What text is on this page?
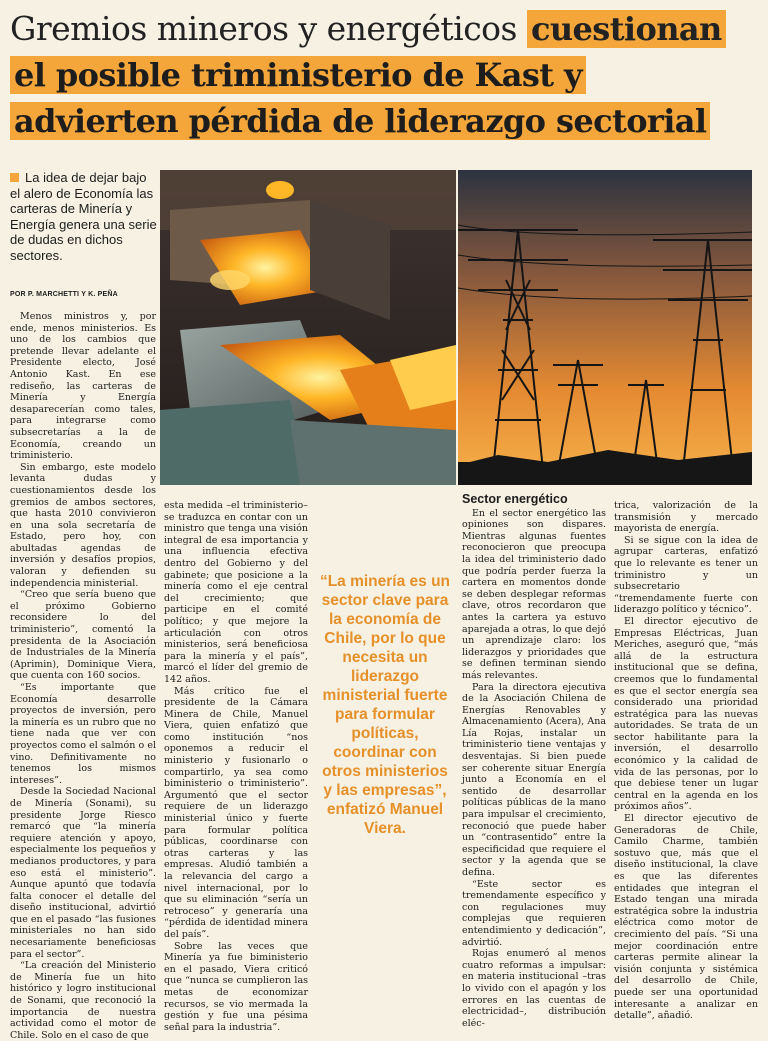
Gremios mineros y energéticos cuestionan
el posible triministerio de Kast y
advierten pérdida de liderazgo sectorial
La idea de dejar bajo el alero de Economía las carteras de Minería y Energía genera una serie de dudas en dichos sectores.
POR P. MARCHETTI Y K. PEÑA

Menos ministros y, por ende, menos ministerios. Es uno de los cambios que pretende llevar adelante el Presidente electo, José Antonio Kast. En ese rediseño, las carteras de Minería y Energía desaparecerían como tales, para integrarse como subsecretarías a la de Economía, creando un triministerio.

Sin embargo, este modelo levanta dudas y cuestionamientos desde los gremios de ambos sectores, que hasta 2010 convivieron en una sola secretaría de Estado, pero hoy, con abultadas agendas de inversión y desafíos propios, valoran y defienden su independencia ministerial.

“Creo que sería bueno que el próximo Gobierno reconsidere lo del triministerio”, comentó la presidenta de la Asociación de Industriales de la Minería (Aprimin), Dominique Viera, que cuenta con 160 socios.

“Es importante que Economía desarrolle proyectos de inversión, pero la minería es un rubro que no tiene nada que ver con proyectos como el salmón o el vino. Definitivamente no tenemos los mismos intereses”.

Desde la Sociedad Nacional de Minería (Sonami), su presidente Jorge Riesco remarcó que “la minería requiere atención y apoyo, especialmente los pequeños y medianos productores, y para eso está el ministerio”. Aunque apuntó que todavía falta conocer el detalle del diseño institucional, advirtió que en el pasado “las fusiones ministeriales no han sido necesariamente beneficiosas para el sector”.

“La creación del Ministerio de Minería fue un hito histórico y logro institucional de Sonami, que reconoció la importancia de nuestra actividad como el motor de Chile. Solo en el caso de que

esta medida –el triministerio– se traduzca en contar con un ministro que tenga una visión integral de esa importancia y una influencia efectiva dentro del Gobierno y del gabinete; que posicione a la minería como el eje central del crecimiento; que participe en el comité político; y que mejore la articulación con otros ministerios, será beneficiosa para la minería y el país”, marcó el líder del gremio de 142 años.

Más crítico fue el presidente de la Cámara Minera de Chile, Manuel Viera, quien enfatizó que como institución “nos oponemos a reducir el ministerio y fusionarlo o compartirlo, ya sea como biministerio o triministerio”. Argumentó que el sector requiere de un liderazgo ministerial único y fuerte para formular política públicas, coordinarse con otras carteras y las empresas. Aludió también a la relevancia del cargo a nivel internacional, por lo que su eliminación “sería un retroceso” y generaría una “pérdida de identidad minera del país”.

Sobre las veces que Minería ya fue biministerio en el pasado, Viera criticó que “nunca se cumplieron las metas de economizar recursos, se vio mermada la gestión y fue una pésima señal para la industria”.

“La minería es un sector clave para la economía de Chile, por lo que necesita un liderazgo ministerial fuerte para formular políticas, coordinar con otros ministerios y las empresas”, enfatizó Manuel Viera.
Sector energético

En el sector energético las opiniones son dispares. Mientras algunas fuentes reconocieron que preocupa la idea del triministerio dado que podría perder fuerza la cartera en momentos donde se deben desplegar reformas clave, otros recordaron que antes la cartera ya estuvo aparejada a otras, lo que dejó un aprendizaje claro: los liderazgos y prioridades que se definen terminan siendo más relevantes.

Para la directora ejecutiva de la Asociación Chilena de Energías Renovables y Almacenamiento (Acera), Ana Lía Rojas, instalar un triministerio tiene ventajas y desventajas. Si bien puede ser coherente situar Energía junto a Economía en el sentido de desarrollar políticas públicas de la mano para impulsar el crecimiento, reconoció que puede haber un “contrasentido” entre la especificidad que requiere el sector y la agenda que se defina.

“Este sector es tremendamente específico y con regulaciones muy complejas que requieren entendimiento y dedicación”, advirtió.

Rojas enumeró al menos cuatro reformas a impulsar: en materia institucional –tras lo vivido con el apagón y los errores en las cuentas de electricidad–, distribución eléc-

trica, valorización de la transmisión y mercado mayorista de energía.

Si se sigue con la idea de agrupar carteras, enfatizó que lo relevante es tener un triministro y un subsecretario “tremendamente fuerte con liderazgo político y técnico”.

El director ejecutivo de Empresas Eléctricas, Juan Meriches, aseguró que, “más allá de la estructura institucional que se defina, creemos que lo fundamental es que el sector energía sea considerado una prioridad estratégica para las nuevas autoridades. Se trata de un sector habilitante para la inversión, el desarrollo económico y la calidad de vida de las personas, por lo que debiese tener un lugar central en la agenda en los próximos años”.

El director ejecutivo de Generadoras de Chile, Camilo Charme, también sostuvo que, más que el diseño institucional, la clave es que las diferentes entidades que integran el Estado tengan una mirada estratégica sobre la industria eléctrica como motor de crecimiento del país. “Si una mejor coordinación entre carteras permite alinear la visión conjunta y sistémica del desarrollo de Chile, puede ser una oportunidad interesante a analizar en detalle”, añadió.
